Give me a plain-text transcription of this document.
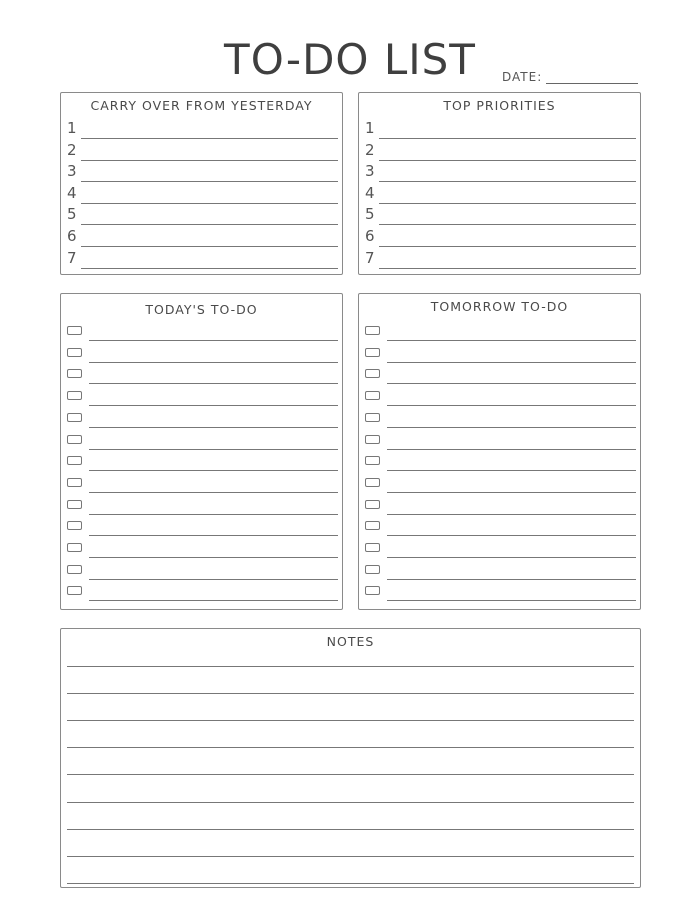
TO-DO LIST	DATE:
CARRY OVER FROM YESTERDAY
1
2
3
4
5
6
7
TOP PRIORITIES
1
2
3
4
5
6
7
TODAY'S TO-DO	TOMORROW TO-DO
NOTES
